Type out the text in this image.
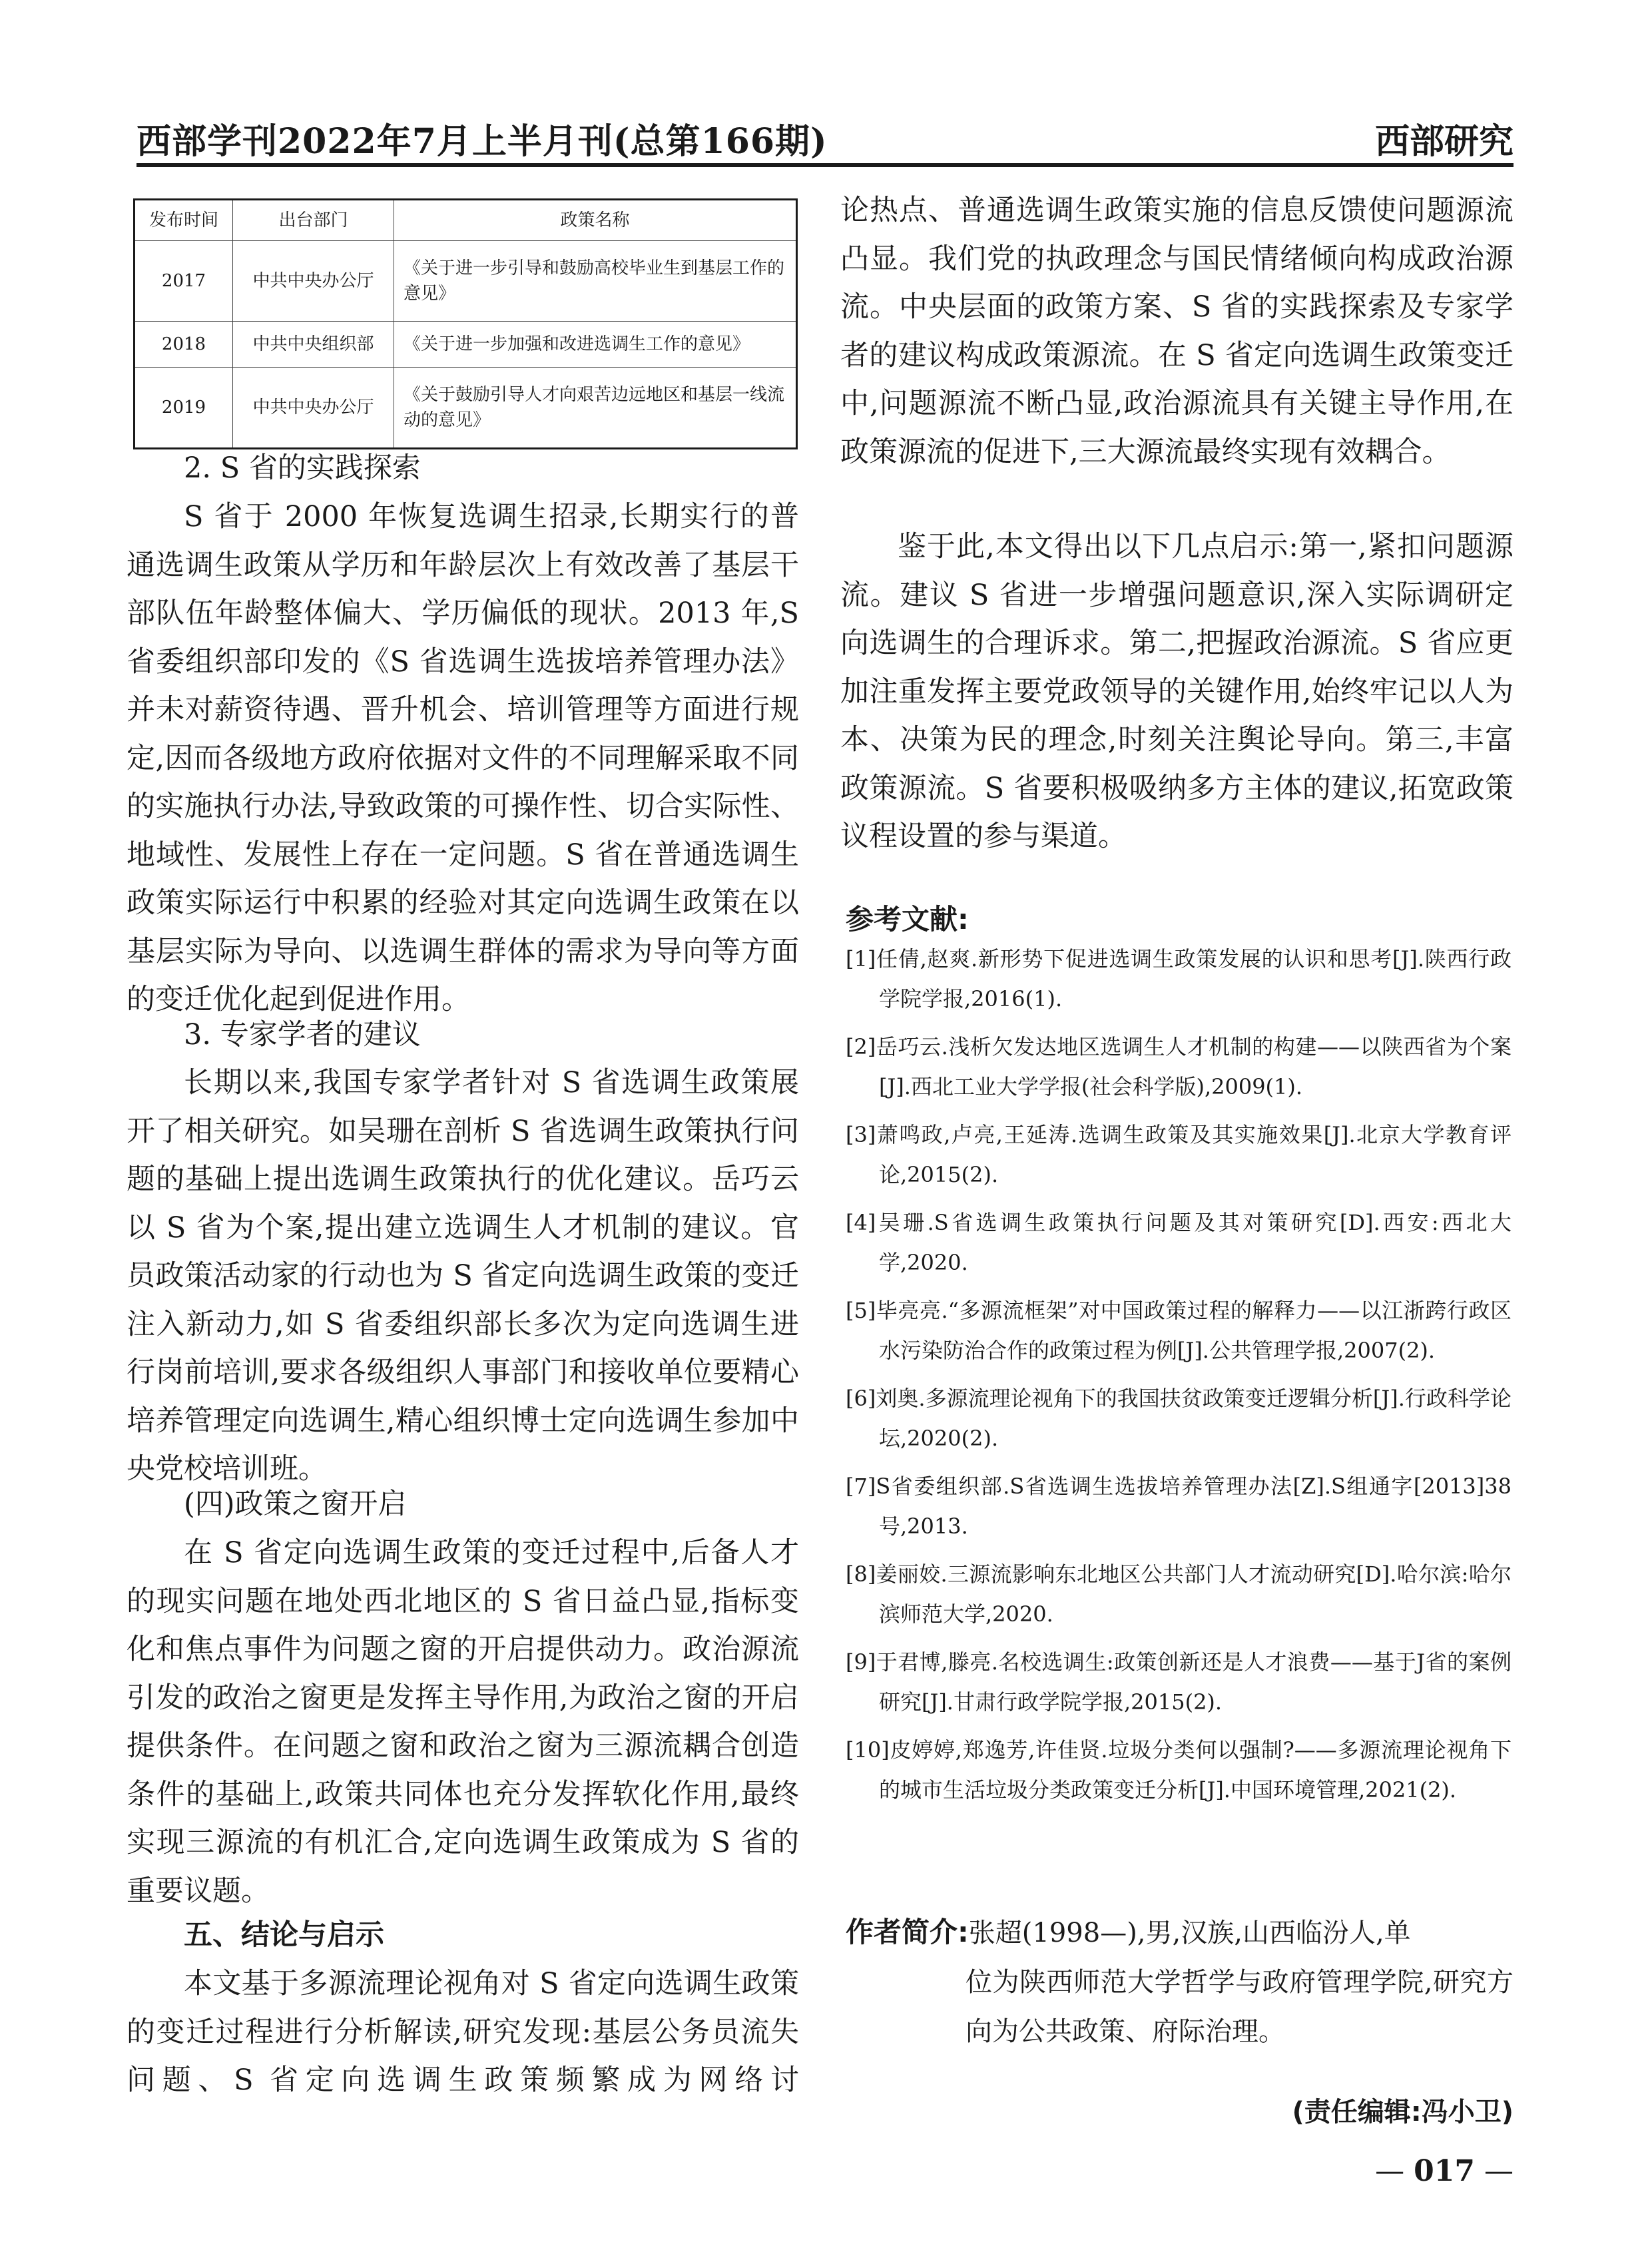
西部学刊2022年7月上半月刊(总第166期)	西部研究
发布时间	出台部门	政策名称
2017	中共中央办公厅	《关于进一步引导和鼓励高校毕业生到基层工作的意见》
2018	中共中央组织部	《关于进一步加强和改进选调生工作的意见》
2019	中共中央办公厅	《关于鼓励引导人才向艰苦边远地区和基层一线流动的意见》

2. S 省的实践探索

S 省于 2000 年恢复选调生招录,长期实行的普通选调生政策从学历和年龄层次上有效改善了基层干部队伍年龄整体偏大、学历偏低的现状。2013 年,S 省委组织部印发的《S 省选调生选拔培养管理办法》并未对薪资待遇、晋升机会、培训管理等方面进行规定,因而各级地方政府依据对文件的不同理解采取不同的实施执行办法,导致政策的可操作性、切合实际性、地域性、发展性上存在一定问题。S 省在普通选调生政策实际运行中积累的经验对其定向选调生政策在以基层实际为导向、以选调生群体的需求为导向等方面的变迁优化起到促进作用。

3. 专家学者的建议

长期以来,我国专家学者针对 S 省选调生政策展开了相关研究。如吴珊在剖析 S 省选调生政策执行问题的基础上提出选调生政策执行的优化建议。岳巧云以 S 省为个案,提出建立选调生人才机制的建议。官员政策活动家的行动也为 S 省定向选调生政策的变迁注入新动力,如 S 省委组织部长多次为定向选调生进行岗前培训,要求各级组织人事部门和接收单位要精心培养管理定向选调生,精心组织博士定向选调生参加中央党校培训班。

(四)政策之窗开启

在 S 省定向选调生政策的变迁过程中,后备人才的现实问题在地处西北地区的 S 省日益凸显,指标变化和焦点事件为问题之窗的开启提供动力。政治源流引发的政治之窗更是发挥主导作用,为政治之窗的开启提供条件。在问题之窗和政治之窗为三源流耦合创造条件的基础上,政策共同体也充分发挥软化作用,最终实现三源流的有机汇合,定向选调生政策成为 S 省的重要议题。

五、结论与启示

本文基于多源流理论视角对 S 省定向选调生政策的变迁过程进行分析解读,研究发现:基层公务员流失问题、S 省定向选调生政策频繁成为网络讨

论热点、普通选调生政策实施的信息反馈使问题源流凸显。我们党的执政理念与国民情绪倾向构成政治源流。中央层面的政策方案、S 省的实践探索及专家学者的建议构成政策源流。在 S 省定向选调生政策变迁中,问题源流不断凸显,政治源流具有关键主导作用,在政策源流的促进下,三大源流最终实现有效耦合。

鉴于此,本文得出以下几点启示:第一,紧扣问题源流。建议 S 省进一步增强问题意识,深入实际调研定向选调生的合理诉求。第二,把握政治源流。S 省应更加注重发挥主要党政领导的关键作用,始终牢记以人为本、决策为民的理念,时刻关注舆论导向。第三,丰富政策源流。S 省要积极吸纳多方主体的建议,拓宽政策议程设置的参与渠道。

参考文献:
[1]任倩,赵爽.新形势下促进选调生政策发展的认识和思考[J].陕西行政学院学报,2016(1).
[2]岳巧云.浅析欠发达地区选调生人才机制的构建——以陕西省为个案[J].西北工业大学学报(社会科学版),2009(1).
[3]萧鸣政,卢亮,王延涛.选调生政策及其实施效果[J].北京大学教育评论,2015(2).
[4]吴珊.S省选调生政策执行问题及其对策研究[D].西安:西北大学,2020.
[5]毕亮亮.“多源流框架”对中国政策过程的解释力——以江浙跨行政区水污染防治合作的政策过程为例[J].公共管理学报,2007(2).
[6]刘奥.多源流理论视角下的我国扶贫政策变迁逻辑分析[J].行政科学论坛,2020(2).
[7]S省委组织部.S省选调生选拔培养管理办法[Z].S组通字[2013]38号,2013.
[8]姜丽姣.三源流影响东北地区公共部门人才流动研究[D].哈尔滨:哈尔滨师范大学,2020.
[9]于君博,滕亮.名校选调生:政策创新还是人才浪费——基于J省的案例研究[J].甘肃行政学院学报,2015(2).
[10]皮婷婷,郑逸芳,许佳贤.垃圾分类何以强制?——多源流理论视角下的城市生活垃圾分类政策变迁分析[J].中国环境管理,2021(2).
作者简介:张超(1998—),男,汉族,山西临汾人,单
位为陕西师范大学哲学与政府管理学院,研究方向为公共政策、府际治理。
(责任编辑:冯小卫)
— 017 —
